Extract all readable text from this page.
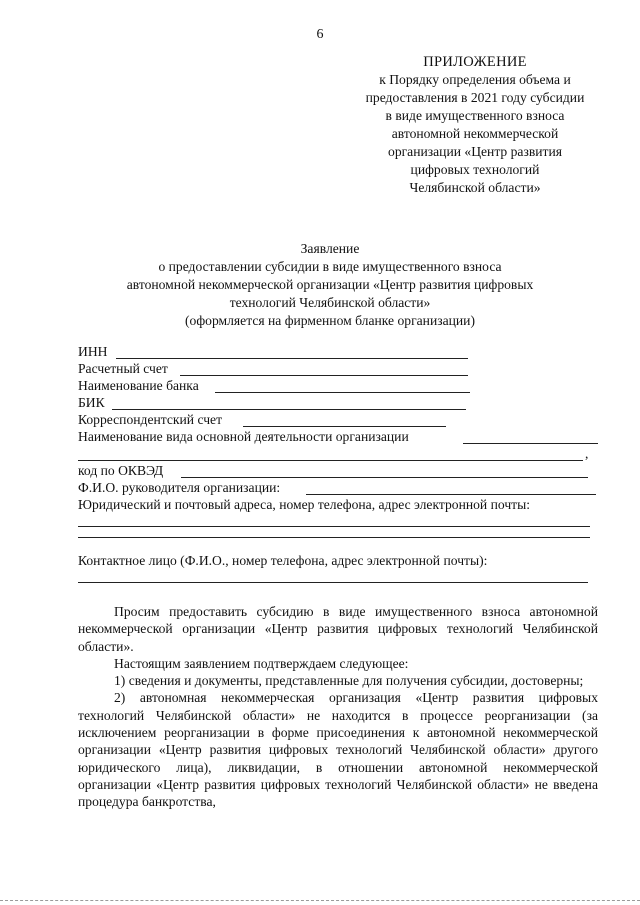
6
ПРИЛОЖЕНИЕ
к Порядку определения объема и
предоставления в 2021 году субсидии
в виде имущественного взноса
автономной некоммерческой
организации «Центр развития
цифровых технологий
Челябинской области»
Заявление
о предоставлении субсидии в виде имущественного взноса
автономной некоммерческой организации «Центр развития цифровых
технологий Челябинской области»
(оформляется на фирменном бланке организации)
ИНН
Расчетный счет
Наименование банка
БИК
Корреспондентский счет
Наименование вида основной деятельности организации
,
код по ОКВЭД
Ф.И.О. руководителя организации:
Юридический и почтовый адреса, номер телефона, адрес электронной почты:
Контактное лицо (Ф.И.О., номер телефона, адрес электронной почты):

Просим предоставить субсидию в виде имущественного взноса автономной некоммерческой организации «Центр развития цифровых технологий Челябинской области».

Настоящим заявлением подтверждаем следующее:

1) сведения и документы, представленные для получения субсидии, достоверны;

2) автономная некоммерческая организация «Центр развития цифровых технологий Челябинской области» не находится в процессе реорганизации (за исключением реорганизации в форме присоединения к автономной некоммерческой организации «Центр развития цифровых технологий Челябинской области» другого юридического лица), ликвидации, в отношении автономной некоммерческой организации «Центр развития цифровых технологий Челябинской области» не введена процедура банкротства,
